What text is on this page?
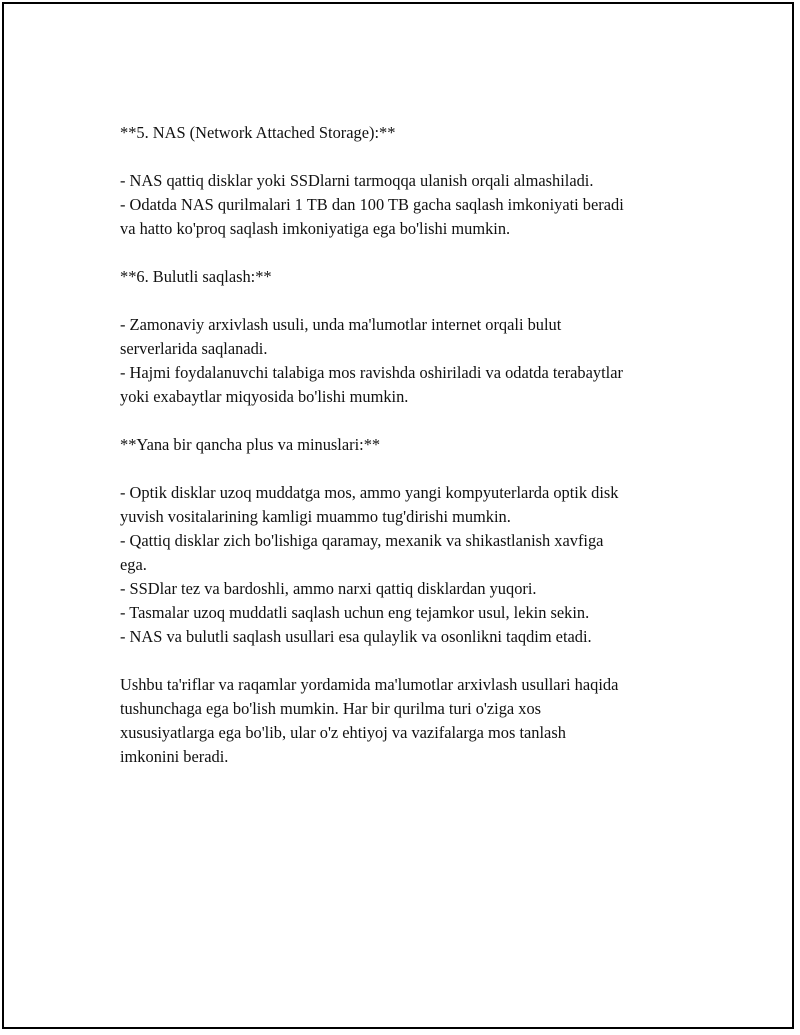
**5. NAS (Network Attached Storage):**

- NAS qattiq disklar yoki SSDlarni tarmoqqa ulanish orqali almashiladi.

- Odatda NAS qurilmalari 1 TB dan 100 TB gacha saqlash imkoniyati beradi

va hatto ko'proq saqlash imkoniyatiga ega bo'lishi mumkin.

**6. Bulutli saqlash:**

- Zamonaviy arxivlash usuli, unda ma'lumotlar internet orqali bulut

serverlarida saqlanadi.

- Hajmi foydalanuvchi talabiga mos ravishda oshiriladi va odatda terabaytlar

yoki exabaytlar miqyosida bo'lishi mumkin.

**Yana bir qancha plus va minuslari:**

- Optik disklar uzoq muddatga mos, ammo yangi kompyuterlarda optik disk

yuvish vositalarining kamligi muammo tug'dirishi mumkin.

- Qattiq disklar zich bo'lishiga qaramay, mexanik va shikastlanish xavfiga

ega.

- SSDlar tez va bardoshli, ammo narxi qattiq disklardan yuqori.

- Tasmalar uzoq muddatli saqlash uchun eng tejamkor usul, lekin sekin.

- NAS va bulutli saqlash usullari esa qulaylik va osonlikni taqdim etadi.

Ushbu ta'riflar va raqamlar yordamida ma'lumotlar arxivlash usullari haqida

tushunchaga ega bo'lish mumkin. Har bir qurilma turi o'ziga xos

xususiyatlarga ega bo'lib, ular o'z ehtiyoj va vazifalarga mos tanlash

imkonini beradi.
